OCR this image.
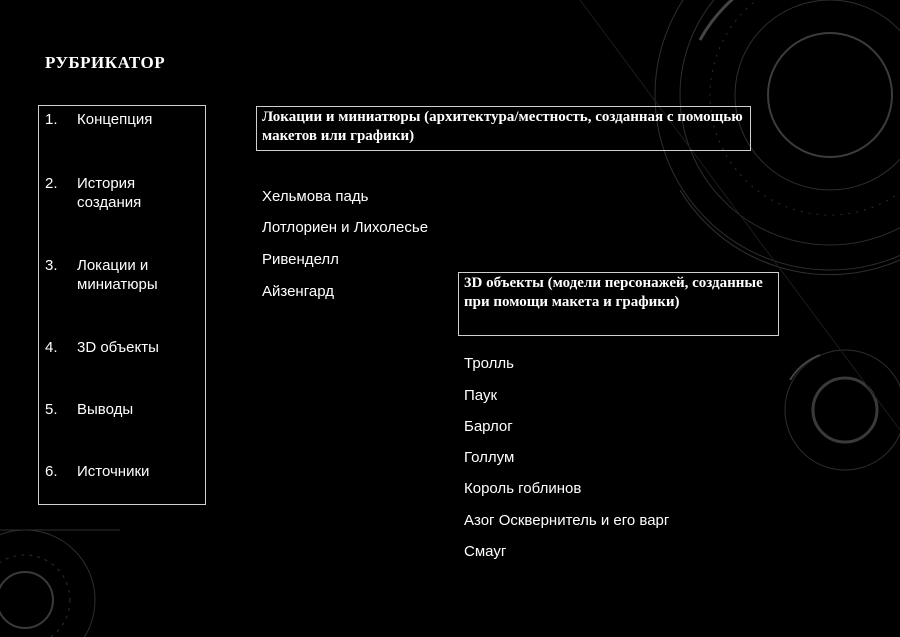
РУБРИКАТОР
1. Концепция
2. История создания
3. Локации и миниатюры
4. 3D объекты
5. Выводы
6. Источники
Локации и миниатюры (архитектура/местность, созданная с помощью макетов или графики)
Хельмова падь
Лотлориен и Лихолесье
Ривенделл
Айзенгард	3D объекты (модели персонажей, созданные при помощи макета и графики)
Тролль
Паук
Барлог
Голлум
Король гоблинов
Азог Осквернитель и его варг
Смауг
